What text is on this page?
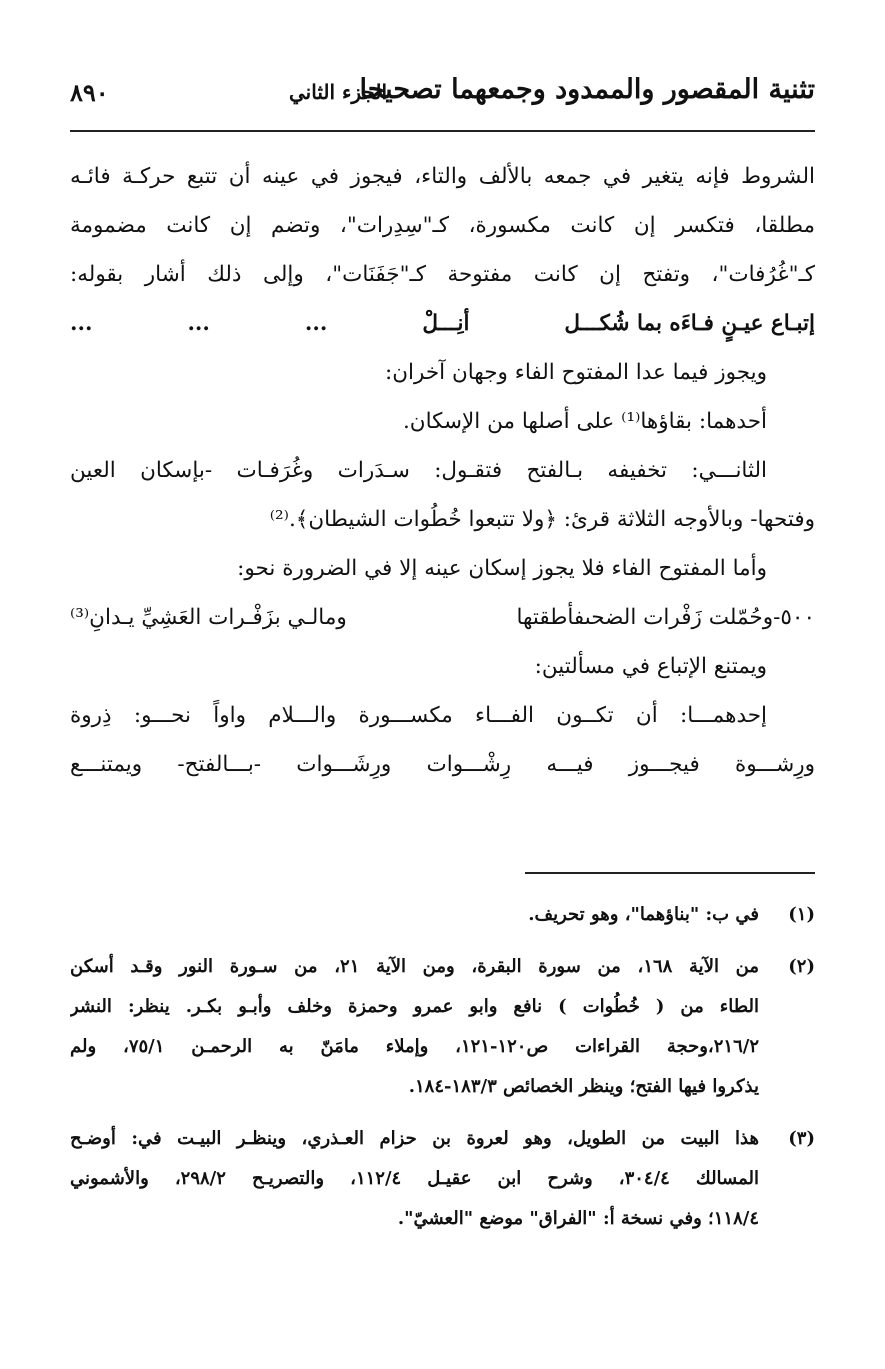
تثنية المقصور والممدود وجمعهما تصحيحا
الجزء الثاني
٨٩٠
الشروط فإنه يتغير في جمعه بالألف والتاء، فيجوز في عينه أن تتبع حركـة فائـه
مطلقا، فتكسر إن كانت مكسورة، كـ"سِدِرات"، وتضم إن كانت مضمومة
كـ"غُرُفات"، وتفتح إن كانت مفتوحة كـ"جَفَنَات"، وإلى ذلك أشار بقوله:
إتبـاع عيـنٍ فـاءَه بما شُكـــل
أنِـــلْ
...
...
...
ويجوز فيما عدا المفتوح الفاء وجهان آخران:
أحدهما: بقاؤها⁽¹⁾ على أصلها من الإسكان.
الثانـــي: تخفيفه بـالفتح فتقـول: سـدَرات وغُرَفـات -بإسكان العين
وفتحها- وبالأوجه الثلاثة قرئ: ﴿ولا تتبعوا خُطُوات الشيطان﴾.⁽²⁾
وأما المفتوح الفاء فلا يجوز إسكان عينه إلا في الضرورة نحو:
٥٠٠-وحُمّلت زَفْرات الضحىفأطقتها
ومالـي بزَفْـرات العَشِيِّ يـدانِ⁽³⁾
ويمتنع الإتباع في مسألتين:
إحدهمـــا: أن تكــون الفـــاء مكســـورة والـــلام واواً نحـــو: ذِروة
ورِشـــوة فيجـــوز فيـــه رِشْـــوات ورِشَـــوات -بـــالفتح- ويمتنـــع
(١)
في ب: "بناؤهما"، وهو تحريف.
(٢)
من الآية ١٦٨، من سورة البقرة، ومن الآية ٢١، من سـورة النور وقـد أسكن
الطاء من ( خُطُوات ) نافع وابو عمرو وحمزة وخلف وأبـو بكـر. ينظر: النشر
٢١٦/٢،وحجة القراءات ص١٢٠-١٢١، وإملاء مامَنّ به الرحمـن ٧٥/١، ولم
يذكروا فيها الفتح؛ وينظر الخصائص ١٨٣/٣-١٨٤.
(٣)
هذا البيت من الطويل، وهو لعروة بن حزام العـذري، وينظـر البيـت في: أوضـح
المسالك ٣٠٤/٤، وشرح ابن عقيـل ١١٢/٤، والتصريـح ٢٩٨/٢، والأشموني
١١٨/٤؛ وفي نسخة أ: "الفراق" موضع "العشيّ".
